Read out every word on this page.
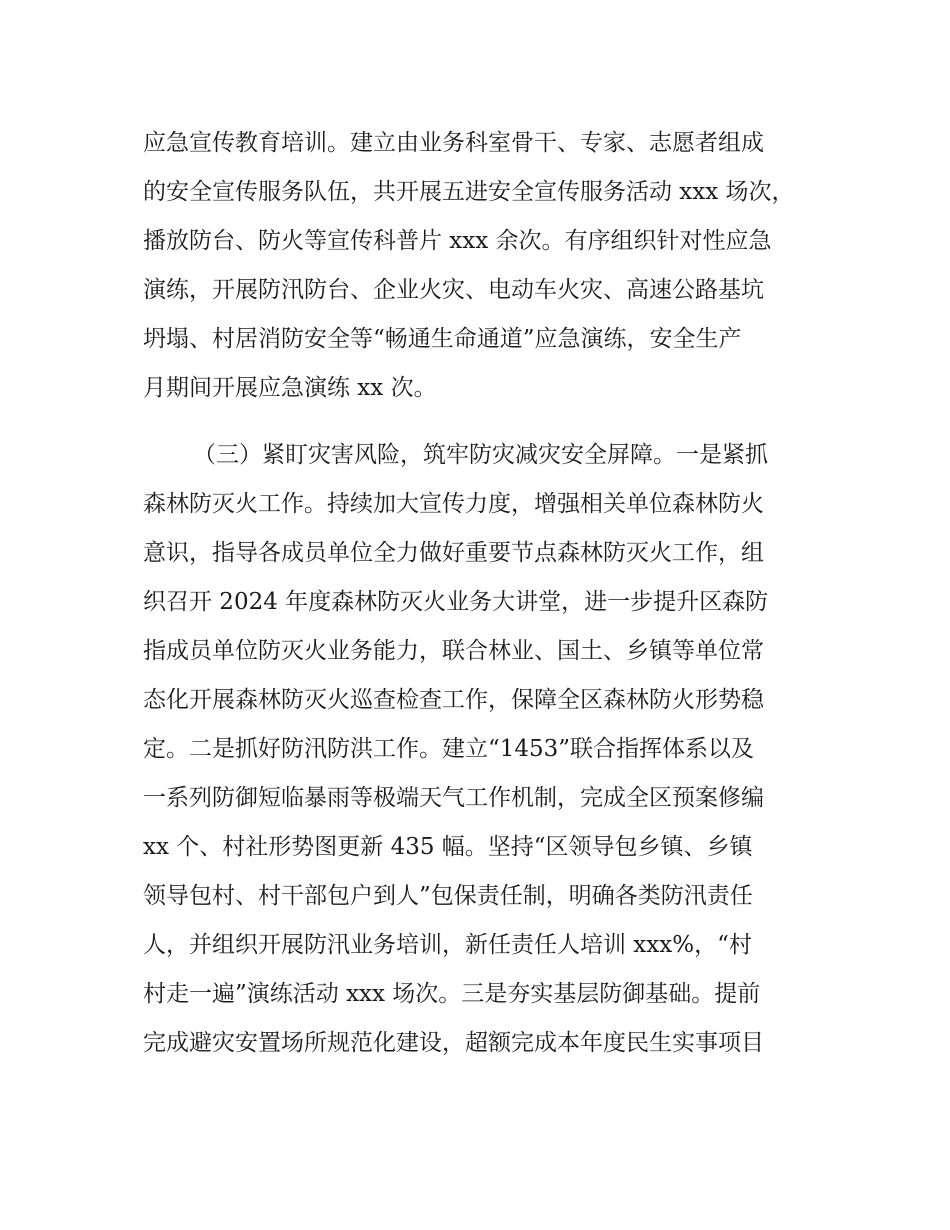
应急宣传教育培训。建立由业务科室骨干、专家、志愿者组成
的安全宣传服务队伍，共开展五进安全宣传服务活动 xxx 场次，
播放防台、防火等宣传科普片 xxx 余次。有序组织针对性应急
演练，开展防汛防台、企业火灾、电动车火灾、高速公路基坑
坍塌、村居消防安全等“畅通生命通道”应急演练，安全生产
月期间开展应急演练 xx 次。
（三）紧盯灾害风险，筑牢防灾减灾安全屏障。一是紧抓
森林防灭火工作。持续加大宣传力度，增强相关单位森林防火
意识，指导各成员单位全力做好重要节点森林防灭火工作，组
织召开 2024 年度森林防灭火业务大讲堂，进一步提升区森防
指成员单位防灭火业务能力，联合林业、国土、乡镇等单位常
态化开展森林防灭火巡查检查工作，保障全区森林防火形势稳
定。二是抓好防汛防洪工作。建立“1453”联合指挥体系以及
一系列防御短临暴雨等极端天气工作机制，完成全区预案修编
xx 个、村社形势图更新 435 幅。坚持“区领导包乡镇、乡镇
领导包村、村干部包户到人”包保责任制，明确各类防汛责任
人，并组织开展防汛业务培训，新任责任人培训 xxx%，“村
村走一遍”演练活动 xxx 场次。三是夯实基层防御基础。提前
完成避灾安置场所规范化建设，超额完成本年度民生实事项目
